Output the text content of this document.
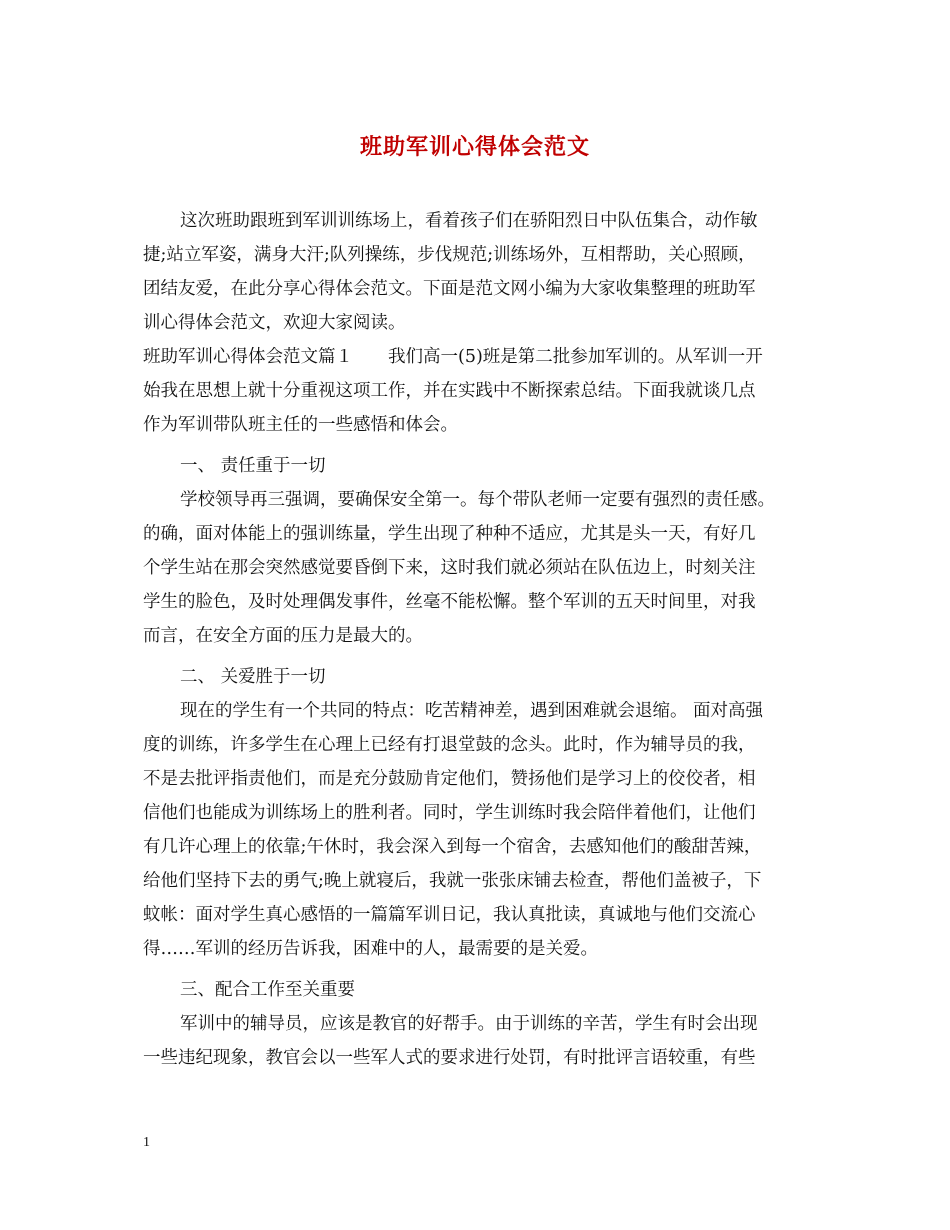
班助军训心得体会范文
这次班助跟班到军训训练场上，看着孩子们在骄阳烈日中队伍集合，动作敏
捷;站立军姿，满身大汗;队列操练，步伐规范;训练场外，互相帮助，关心照顾，
团结友爱，在此分享心得体会范文。下面是范文网小编为大家收集整理的班助军
训心得体会范文，欢迎大家阅读。
班助军训心得体会范文篇１　　我们高一(5)班是第二批参加军训的。从军训一开
始我在思想上就十分重视这项工作，并在实践中不断探索总结。下面我就谈几点
作为军训带队班主任的一些感悟和体会。
一、 责任重于一切
学校领导再三强调，要确保安全第一。每个带队老师一定要有强烈的责任感。
的确，面对体能上的强训练量，学生出现了种种不适应，尤其是头一天，有好几
个学生站在那会突然感觉要昏倒下来，这时我们就必须站在队伍边上，时刻关注
学生的脸色，及时处理偶发事件，丝毫不能松懈。整个军训的五天时间里，对我
而言，在安全方面的压力是最大的。
二、 关爱胜于一切
现在的学生有一个共同的特点：吃苦精神差，遇到困难就会退缩。 面对高强
度的训练，许多学生在心理上已经有打退堂鼓的念头。此时，作为辅导员的我，
不是去批评指责他们，而是充分鼓励肯定他们，赞扬他们是学习上的佼佼者，相
信他们也能成为训练场上的胜利者。同时，学生训练时我会陪伴着他们，让他们
有几许心理上的依靠;午休时，我会深入到每一个宿舍，去感知他们的酸甜苦辣，
给他们坚持下去的勇气;晚上就寝后，我就一张张床铺去检查，帮他们盖被子，下
蚊帐：面对学生真心感悟的一篇篇军训日记，我认真批读，真诚地与他们交流心
得……军训的经历告诉我，困难中的人，最需要的是关爱。
三、配合工作至关重要
军训中的辅导员，应该是教官的好帮手。由于训练的辛苦，学生有时会出现
一些违纪现象，教官会以一些军人式的要求进行处罚，有时批评言语较重，有些
1
